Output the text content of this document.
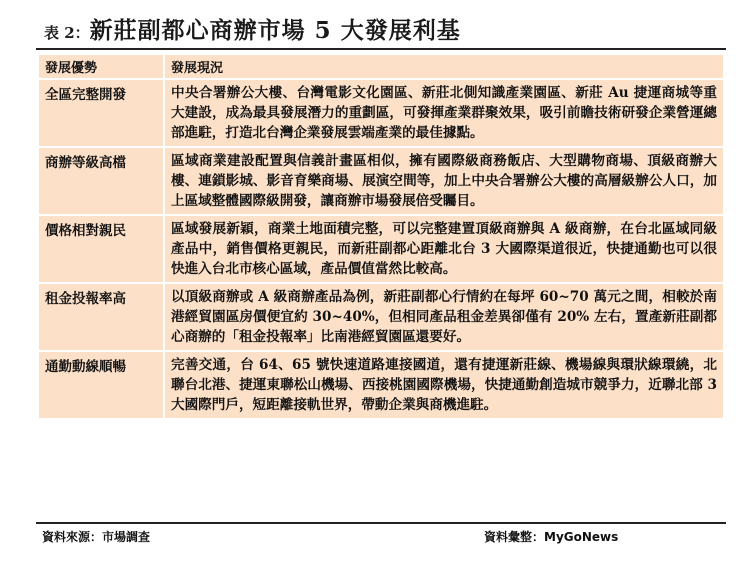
表 2：新莊副都心商辦市場 5 大發展利基
發展優勢	發展現況
全區完整開發	中央合署辦公大樓、台灣電影文化園區、新莊北側知識產業園區、新莊 Au 捷運商城等重大建設，成為最具發展潛力的重劃區，可發揮產業群聚效果，吸引前瞻技術研發企業營運總部進駐，打造北台灣企業發展雲端產業的最佳據點。
商辦等級高檔	區域商業建設配置與信義計畫區相似，擁有國際級商務飯店、大型購物商場、頂級商辦大樓、連鎖影城、影音育樂商場、展演空間等，加上中央合署辦公大樓的高層級辦公人口，加上區域整體國際級開發，讓商辦市場發展倍受矚目。
價格相對親民	區域發展新穎，商業土地面積完整，可以完整建置頂級商辦與 A 級商辦，在台北區域同級產品中，銷售價格更親民，而新莊副都心距離北台 3 大國際渠道很近，快捷通勤也可以很快進入台北市核心區域，產品價值當然比較高。
租金投報率高	以頂級商辦或 A 級商辦產品為例，新莊副都心行情約在每坪 60~70 萬元之間，相較於南港經貿園區房價便宜約 30~40%，但相同產品租金差異卻僅有 20% 左右，置產新莊副都心商辦的「租金投報率」比南港經貿園區還要好。
通勤動線順暢	完善交通，台 64、65 號快速道路連接國道，還有捷運新莊線、機場線與環狀線環繞，北聯台北港、捷運東聯松山機場、西接桃園國際機場，快捷通勤創造城市競爭力，近聯北部 3 大國際門戶，短距離接軌世界，帶動企業與商機進駐。
資料來源：市場調查	資料彙整：MyGoNews
